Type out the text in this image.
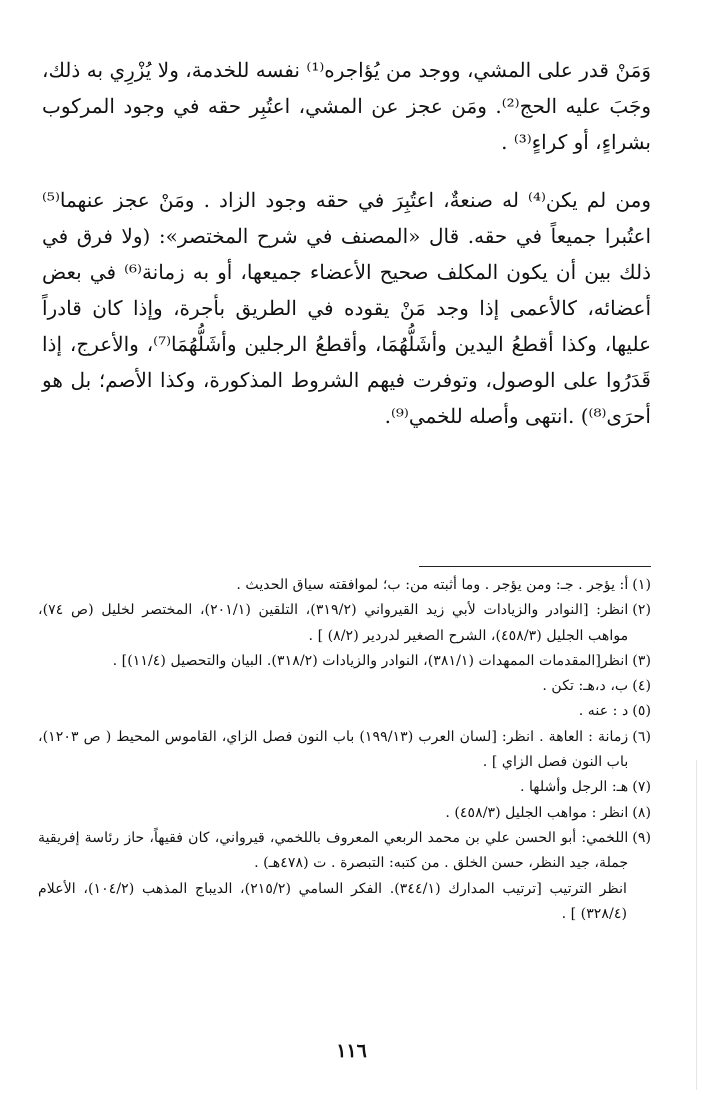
وَمَنْ قدر على المشي، ووجد من يُؤاجره⁽¹⁾ نفسه للخدمة، ولا يُزْرِي به ذلك، وجَبَ عليه الحج⁽²⁾. ومَن عجز عن المشي، اعتُبِر حقه في وجود المركوب بشراءٍ، أو كراءٍ⁽³⁾ .

ومن لم يكن⁽⁴⁾ له صنعةٌ، اعتُبِرَ في حقه وجود الزاد . ومَنْ عجز عنهما⁽⁵⁾ اعتُبرا جميعاً في حقه. قال «المصنف في شرح المختصر»: (ولا فرق في ذلك بين أن يكون المكلف صحيح الأعضاء جميعها، أو به زمانة⁽⁶⁾ في بعض أعضائه، كالأعمى إذا وجد مَنْ يقوده في الطريق بأجرة، وإذا كان قادراً عليها، وكذا أقطعُ اليدين وأشَلُّهُمَا، وأقطعُ الرجلين وأشَلُّهُمَا⁽⁷⁾، والأعرج، إذا قَدَرُوا على الوصول، وتوفرت فيهم الشروط المذكورة، وكذا الأصم؛ بل هو أحرَى⁽⁸⁾) .انتهى وأصله للخمي⁽⁹⁾.

(١)
أ: يؤجر . جـ: ومن يؤجر . وما أثبته من: ب؛ لموافقته سياق الحديث .
(٢)
انظر: [النوادر والزيادات لأبي زيد القيرواني (٣١٩/٢)، التلقين (٢٠١/١)، المختصر لخليل (ص ٧٤)، مواهب الجليل (٤٥٨/٣)، الشرح الصغير لدردير (٨/٢) ] .
(٣)
انظر[المقدمات الممهدات (٣٨١/١)، النوادر والزيادات (٣١٨/٢). البيان والتحصيل (١١/٤)] .
(٤)
ب، د،هـ: تكن .
(٥)
د : عنه .
(٦)
زمانة : العاهة . انظر: [لسان العرب (١٩٩/١٣) باب النون فصل الزاي، القاموس المحيط ( ص ١٢٠٣)، باب النون فصل الزاي ] .
(٧)
هـ: الرجل وأشلها .
(٨)
انظر : مواهب الجليل (٤٥٨/٣) .
(٩)
اللخمي: أبو الحسن علي بن محمد الربعي المعروف باللخمي، قيرواني، كان فقيهاً، حاز رئاسة إفريقية جملة، جيد النظر، حسن الخلق . من كتبه: التبصرة . ت (٤٧٨هـ) .
انظر الترتيب [ترتيب المدارك (٣٤٤/١). الفكر السامي (٢١٥/٢)، الديباج المذهب (١٠٤/٢)، الأعلام (٣٢٨/٤) ] .
١١٦
